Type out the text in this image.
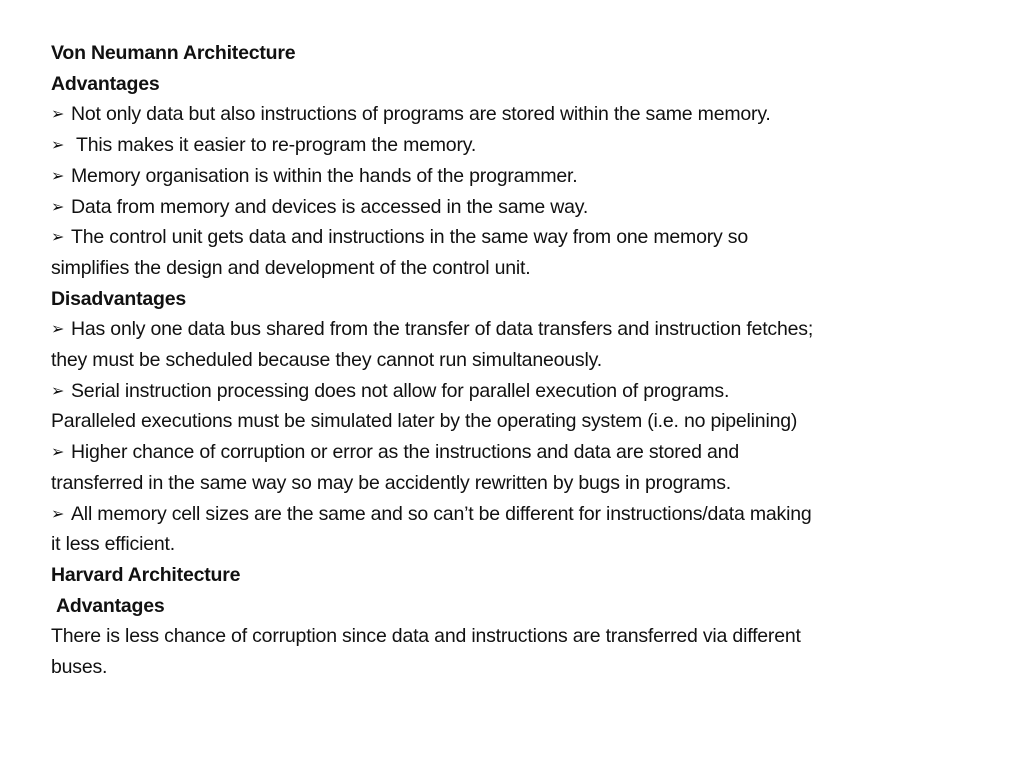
Von Neumann Architecture
Advantages
➢ Not only data but also instructions of programs are stored within the same memory.
➢ This makes it easier to re-program the memory.
➢ Memory organisation is within the hands of the programmer.
➢ Data from memory and devices is accessed in the same way.
➢ The control unit gets data and instructions in the same way from one memory so
simplifies the design and development of the control unit.
Disadvantages
➢ Has only one data bus shared from the transfer of data transfers and instruction fetches;
they must be scheduled because they cannot run simultaneously.
➢ Serial instruction processing does not allow for parallel execution of programs.
Paralleled executions must be simulated later by the operating system (i.e. no pipelining)
➢ Higher chance of corruption or error as the instructions and data are stored and
transferred in the same way so may be accidently rewritten by bugs in programs.
➢ All memory cell sizes are the same and so can’t be different for instructions/data making
it less efficient.
Harvard Architecture
Advantages
There is less chance of corruption since data and instructions are transferred via different
buses.
